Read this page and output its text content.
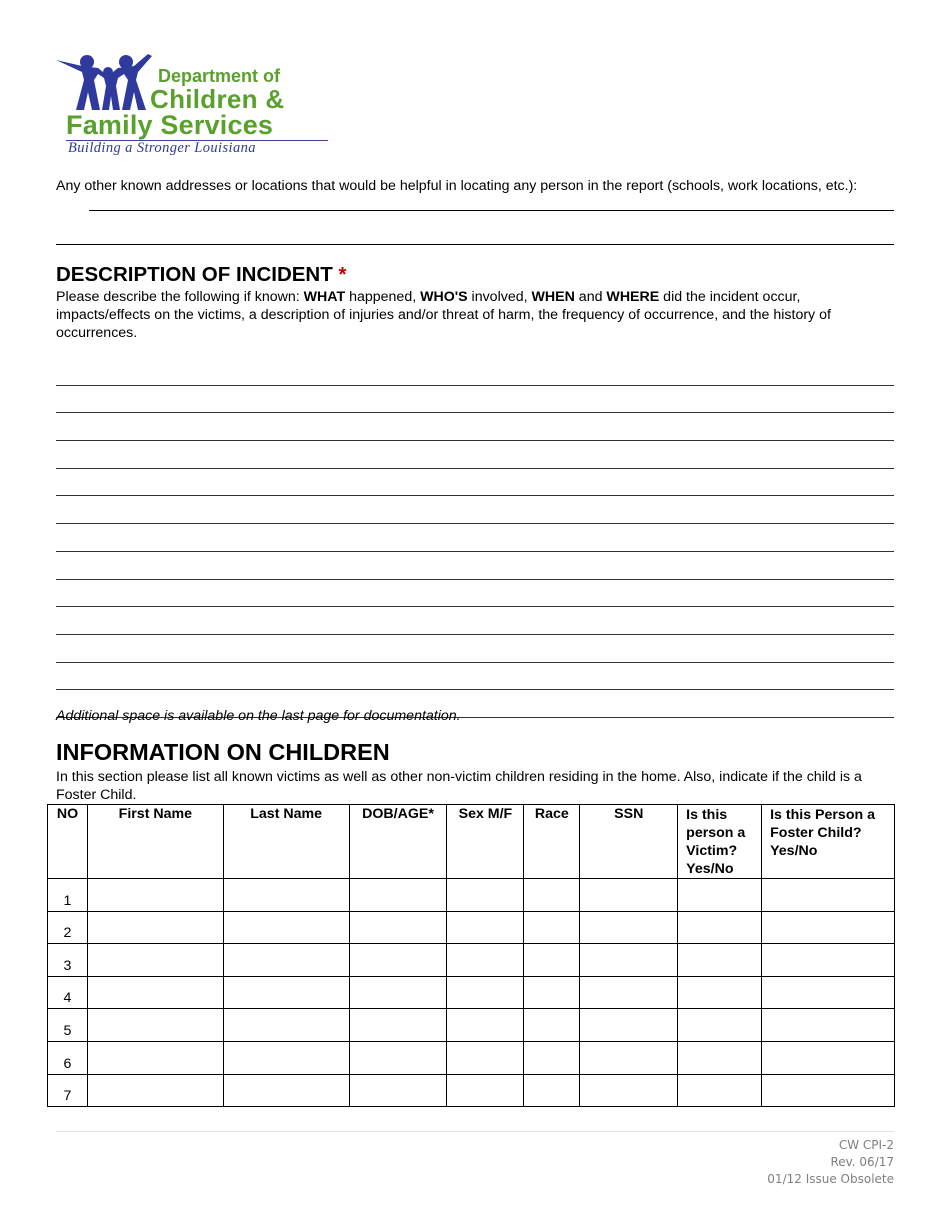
Department of
Children &
Family Services
Building a Stronger Louisiana
Any other known addresses or locations that would be helpful in locating any person in the report (schools, work locations, etc.):
DESCRIPTION OF INCIDENT *
Please describe the following if known: WHAT happened, WHO'S involved, WHEN and WHERE did the incident occur, impacts/effects on the victims, a description of injuries and/or threat of harm, the frequency of occurrence, and the history of occurrences.
Additional space is available on the last page for documentation.
INFORMATION ON CHILDREN
In this section please list all known victims as well as other non-victim children residing in the home. Also, indicate if the child is a Foster Child.
NO	First Name	Last Name	DOB/AGE*	Sex M/F	Race	SSN	Is this person a Victim? Yes/No	Is this Person a Foster Child? Yes/No
1								
2								
3								
4								
5								
6								
7								
CW CPI-2
Rev. 06/17
01/12 Issue Obsolete
